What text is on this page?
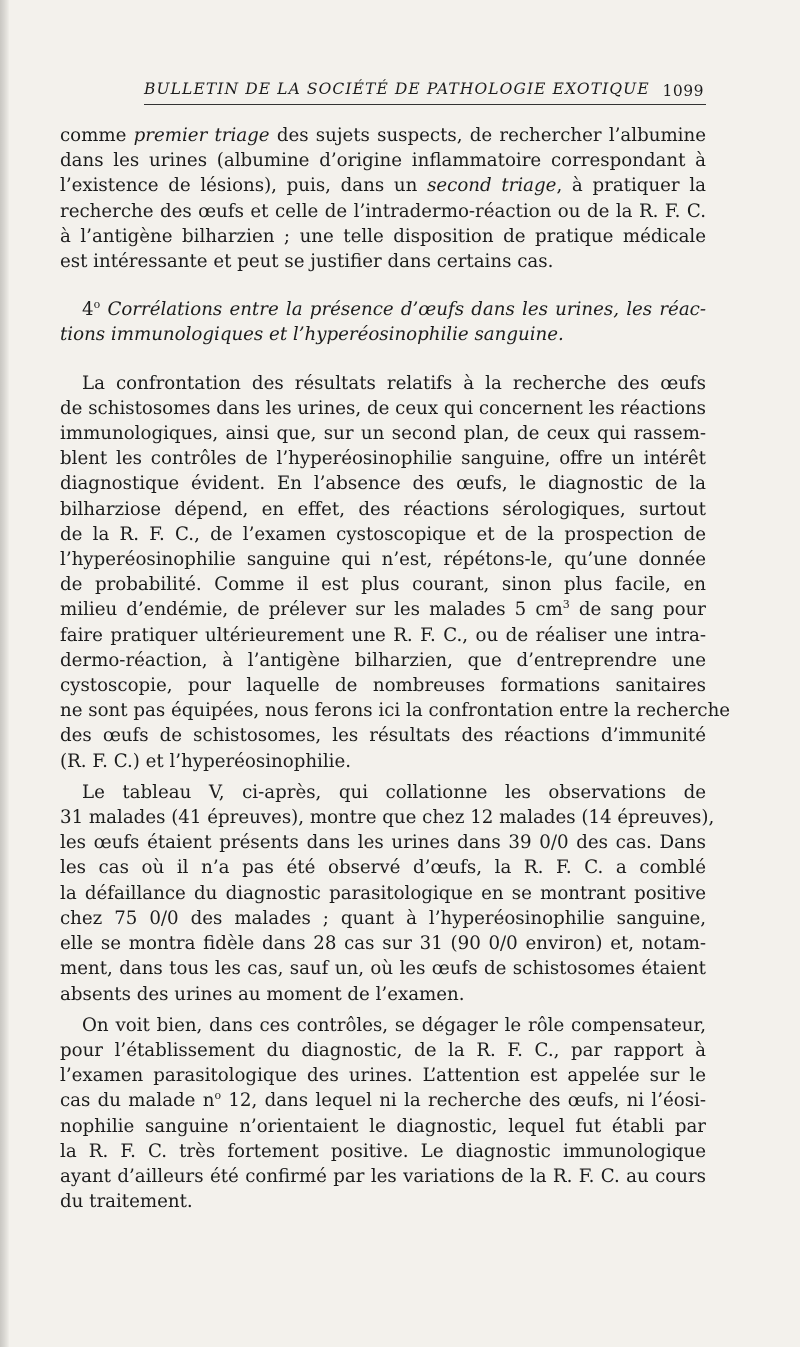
BULLETIN DE LA SOCIÉTÉ DE PATHOLOGIE EXOTIQUE 1099

comme premier triage des sujets suspects, de rechercher l’albumine
dans les urines (albumine d’origine inflammatoire correspondant à
l’existence de lésions), puis, dans un second triage, à pratiquer la
recherche des œufs et celle de l’intradermo-réaction ou de la R. F. C.
à l’antigène bilharzien ; une telle disposition de pratique médicale
est intéressante et peut se justifier dans certains cas.

4$^o$ Corrélations entre la présence d’œufs dans les urines, les réac-
tions immunologiques et l’hyperéosinophilie sanguine.

La confrontation des résultats relatifs à la recherche des œufs
de schistosomes dans les urines, de ceux qui concernent les réactions
immunologiques, ainsi que, sur un second plan, de ceux qui rassem-
blent les contrôles de l’hyperéosinophilie sanguine, offre un intérêt
diagnostique évident. En l’absence des œufs, le diagnostic de la
bilharziose dépend, en effet, des réactions sérologiques, surtout
de la R. F. C., de l’examen cystoscopique et de la prospection de
l’hyperéosinophilie sanguine qui n’est, répétons-le, qu’une donnée
de probabilité. Comme il est plus courant, sinon plus facile, en
milieu d’endémie, de prélever sur les malades 5 $cm^3$ de sang pour
faire pratiquer ultérieurement une R. F. C., ou de réaliser une intra-
dermo-réaction, à l’antigène bilharzien, que d’entreprendre une
cystoscopie, pour laquelle de nombreuses formations sanitaires
ne sont pas équipées, nous ferons ici la confrontation entre la recherche
des œufs de schistosomes, les résultats des réactions d’immunité
(R. F. C.) et l’hyperéosinophilie.

Le tableau V, ci-après, qui collationne les observations de
31 malades (41 épreuves), montre que chez 12 malades (14 épreuves),
les œufs étaient présents dans les urines dans 39 0/0 des cas. Dans
les cas où il n’a pas été observé d’œufs, la R. F. C. a comblé
la défaillance du diagnostic parasitologique en se montrant positive
chez 75 0/0 des malades ; quant à l’hyperéosinophilie sanguine,
elle se montra fidèle dans 28 cas sur 31 (90 0/0 environ) et, notam-
ment, dans tous les cas, sauf un, où les œufs de schistosomes étaient
absents des urines au moment de l’examen.

On voit bien, dans ces contrôles, se dégager le rôle compensateur,
pour l’établissement du diagnostic, de la R. F. C., par rapport à
l’examen parasitologique des urines. L’attention est appelée sur le
cas du malade $n^o$ 12, dans lequel ni la recherche des œufs, ni l’éosi-
nophilie sanguine n’orientaient le diagnostic, lequel fut établi par
la R. F. C. très fortement positive. Le diagnostic immunologique
ayant d’ailleurs été confirmé par les variations de la R. F. C. au cours
du traitement.
